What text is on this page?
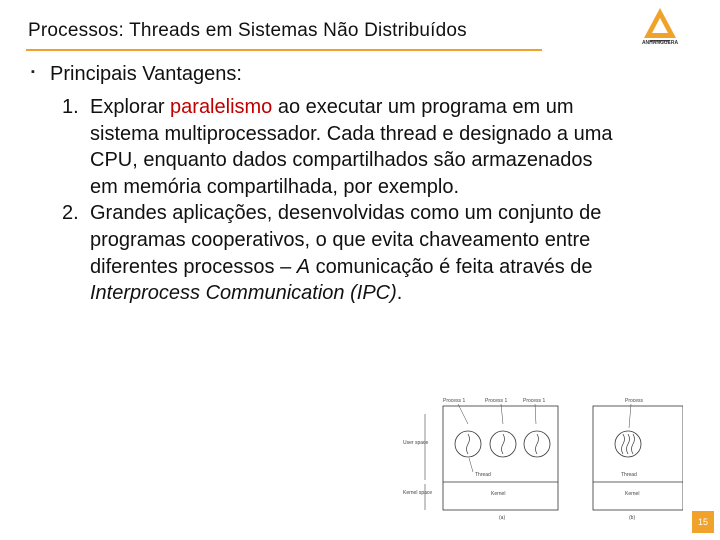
Processos: Threads em Sistemas Não Distribuídos
ANHANGUERA
▪ Principais Vantagens:
1. Explorar paralelismo ao executar um programa em um sistema multiprocessador. Cada thread e designado a uma CPU, enquanto dados compartilhados são armazenados em memória compartilhada, por exemplo.
2. Grandes aplicações, desenvolvidas como um conjunto de programas cooperativos, o que evita chaveamento entre diferentes processos – A comunicação é feita através de Interprocess Communication (IPC).
User space
Kernel space
Process 1	Process 1	Process 1
Thread
Kernel
(a)
Process
Thread
Kernel
(b)	15
